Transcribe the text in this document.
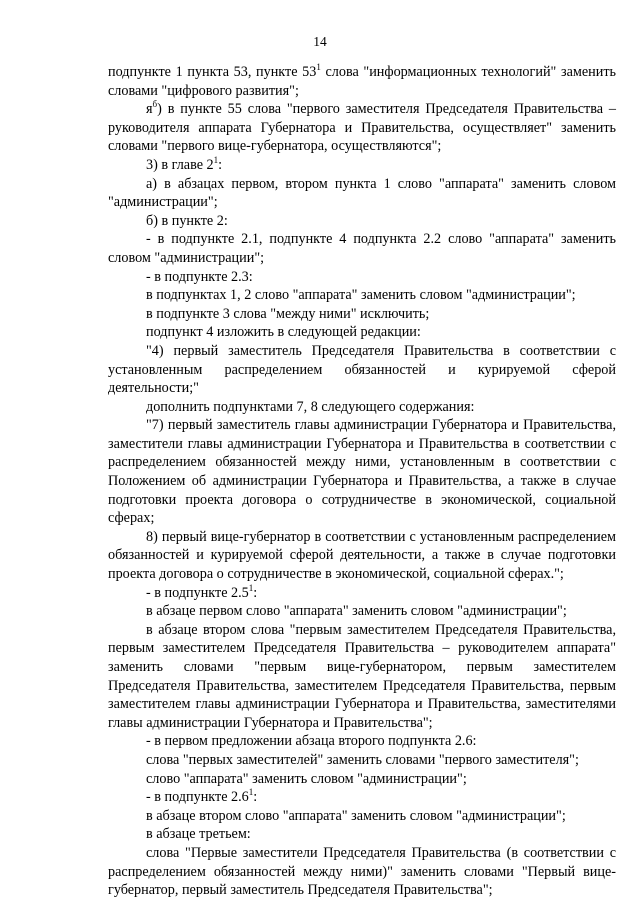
14

подпункте 1 пункта 53, пункте $53^1$ слова "информационных технологий" заменить словами "цифрового развития";

$я^б$) в пункте 55 слова "первого заместителя Председателя Правительства – руководителя аппарата Губернатора и Правительства, осуществляет" заменить словами "первого вице-губернатора, осуществляются";

3) в главе $2^1$:

а) в абзацах первом, втором пункта 1 слово "аппарата" заменить словом "администрации";

б) в пункте 2:

- в подпункте 2.1, подпункте 4 подпункта 2.2 слово "аппарата" заменить словом "администрации";

- в подпункте 2.3:

в подпунктах 1, 2 слово "аппарата" заменить словом "администрации";

в подпункте 3 слова "между ними" исключить;

подпункт 4 изложить в следующей редакции:

"4) первый заместитель Председателя Правительства в соответствии с установленным распределением обязанностей и курируемой сферой деятельности;"

дополнить подпунктами 7, 8 следующего содержания:

"7) первый заместитель главы администрации Губернатора и Правительства, заместители главы администрации Губернатора и Правительства в соответствии с распределением обязанностей между ними, установленным в соответствии с Положением об администрации Губернатора и Правительства, а также в случае подготовки проекта договора о сотрудничестве в экономической, социальной сферах;

8) первый вице-губернатор в соответствии с установленным распределением обязанностей и курируемой сферой деятельности, а также в случае подготовки проекта договора о сотрудничестве в экономической, социальной сферах.";

- в подпункте $2.5^1$:

в абзаце первом слово "аппарата" заменить словом "администрации";

в абзаце втором слова "первым заместителем Председателя Правительства, первым заместителем Председателя Правительства – руководителем аппарата" заменить словами "первым вице-губернатором, первым заместителем Председателя Правительства, заместителем Председателя Правительства, первым заместителем главы администрации Губернатора и Правительства, заместителями главы администрации Губернатора и Правительства";

- в первом предложении абзаца второго подпункта 2.6:

слова "первых заместителей" заменить словами "первого заместителя";

слово "аппарата" заменить словом "администрации";

- в подпункте $2.6^1$:

в абзаце втором слово "аппарата" заменить словом "администрации";

в абзаце третьем:

слова "Первые заместители Председателя Правительства (в соответствии с распределением обязанностей между ними)" заменить словами "Первый вице-губернатор, первый заместитель Председателя Правительства";
